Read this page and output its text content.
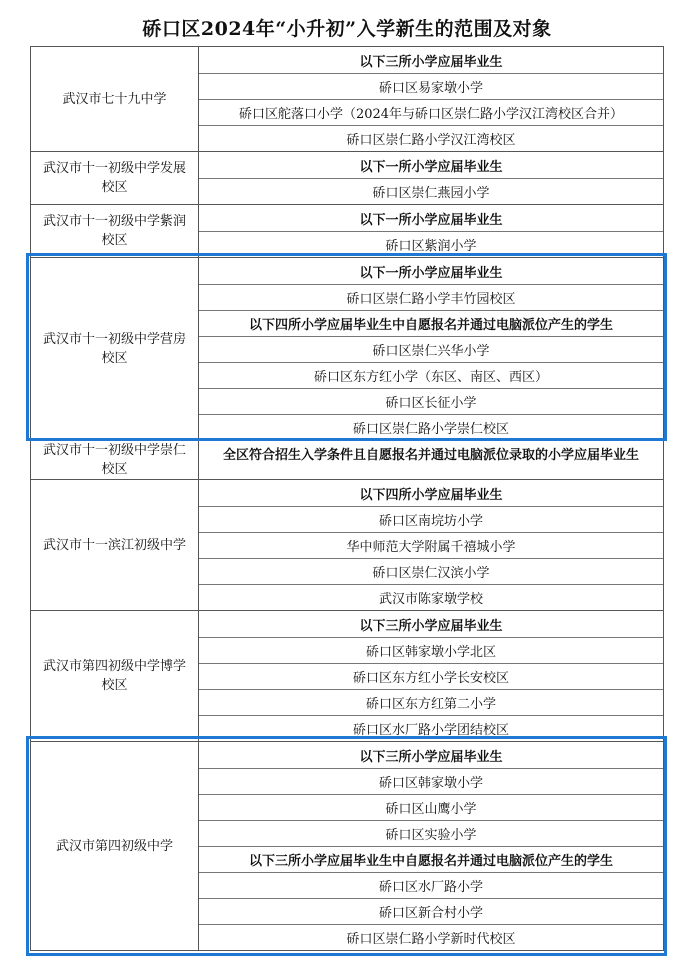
硚口区2024年“小升初”入学新生的范围及对象
武汉市七十九中学
以下三所小学应届毕业生
硚口区易家墩小学
硚口区舵落口小学（2024年与硚口区崇仁路小学汉江湾校区合并）
硚口区崇仁路小学汉江湾校区
武汉市十一初级中学发展校区
以下一所小学应届毕业生
硚口区崇仁燕园小学
武汉市十一初级中学紫润校区
以下一所小学应届毕业生
硚口区紫润小学
武汉市十一初级中学营房校区
以下一所小学应届毕业生
硚口区崇仁路小学丰竹园校区
以下四所小学应届毕业生中自愿报名并通过电脑派位产生的学生
硚口区崇仁兴华小学
硚口区东方红小学（东区、南区、西区）
硚口区长征小学
硚口区崇仁路小学崇仁校区
武汉市十一初级中学崇仁校区
全区符合招生入学条件且自愿报名并通过电脑派位录取的小学应届毕业生
武汉市十一滨江初级中学
以下四所小学应届毕业生
硚口区南垸坊小学
华中师范大学附属千禧城小学
硚口区崇仁汉滨小学
武汉市陈家墩学校
武汉市第四初级中学博学校区
以下三所小学应届毕业生
硚口区韩家墩小学北区
硚口区东方红小学长安校区
硚口区东方红第二小学
硚口区水厂路小学团结校区
武汉市第四初级中学
以下三所小学应届毕业生
硚口区韩家墩小学
硚口区山鹰小学
硚口区实验小学
以下三所小学应届毕业生中自愿报名并通过电脑派位产生的学生
硚口区水厂路小学
硚口区新合村小学
硚口区崇仁路小学新时代校区
